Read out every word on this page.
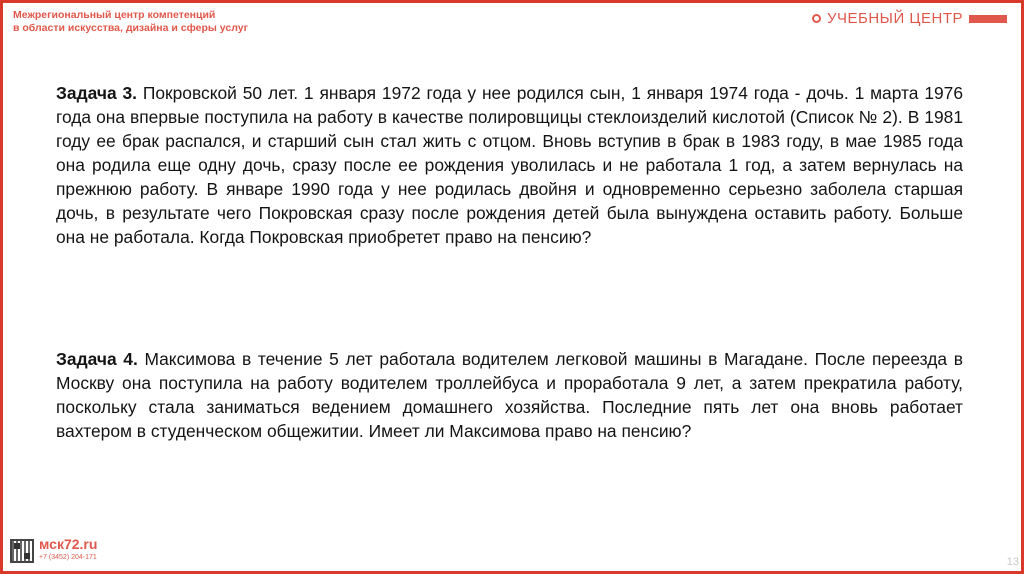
Межрегиональный центр компетенций
в области искусства, дизайна и сферы услуг
УЧЕБНЫЙ ЦЕНТР

Задача 3. Покровской 50 лет. 1 января 1972 года у нее родился сын, 1 января 1974 года - дочь. 1 марта 1976 года она впервые поступила на работу в качестве полировщицы стеклоизделий кислотой (Список № 2). В 1981 году ее брак распался, и старший сын стал жить с отцом. Вновь вступив в брак в 1983 году, в мае 1985 года она родила еще одну дочь, сразу после ее рождения уволилась и не работала 1 год, а затем вернулась на прежнюю работу. В январе 1990 года у нее родилась двойня и одновременно серьезно заболела старшая дочь, в результате чего Покровская сразу после рождения детей была вынуждена оставить работу. Больше она не работала. Когда Покровская приобретет право на пенсию?
Задача 4. Максимова в течение 5 лет работала водителем легковой машины в Магадане. После переезда в Москву она поступила на работу водителем троллейбуса и проработала 9 лет, а затем прекратила работу, поскольку стала заниматься ведением домашнего хозяйства. Последние пять лет она вновь работает вахтером в студенческом общежитии. Имеет ли Максимова право на пенсию?
мск72.ru
+7 (3452) 204-171	13
